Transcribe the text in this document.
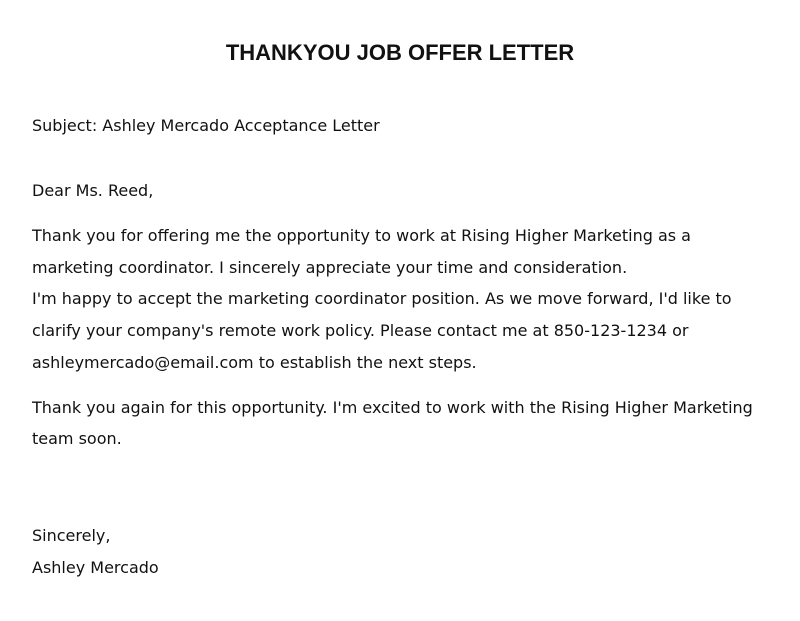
THANKYOU JOB OFFER LETTER
Subject: Ashley Mercado Acceptance Letter
Dear Ms. Reed,
Thank you for offering me the opportunity to work at Rising Higher Marketing as a
marketing coordinator. I sincerely appreciate your time and consideration.
I'm happy to accept the marketing coordinator position. As we move forward, I'd like to
clarify your company's remote work policy. Please contact me at 850-123-1234 or
ashleymercado@email.com to establish the next steps.
Thank you again for this opportunity. I'm excited to work with the Rising Higher Marketing
team soon.
Sincerely,
Ashley Mercado
